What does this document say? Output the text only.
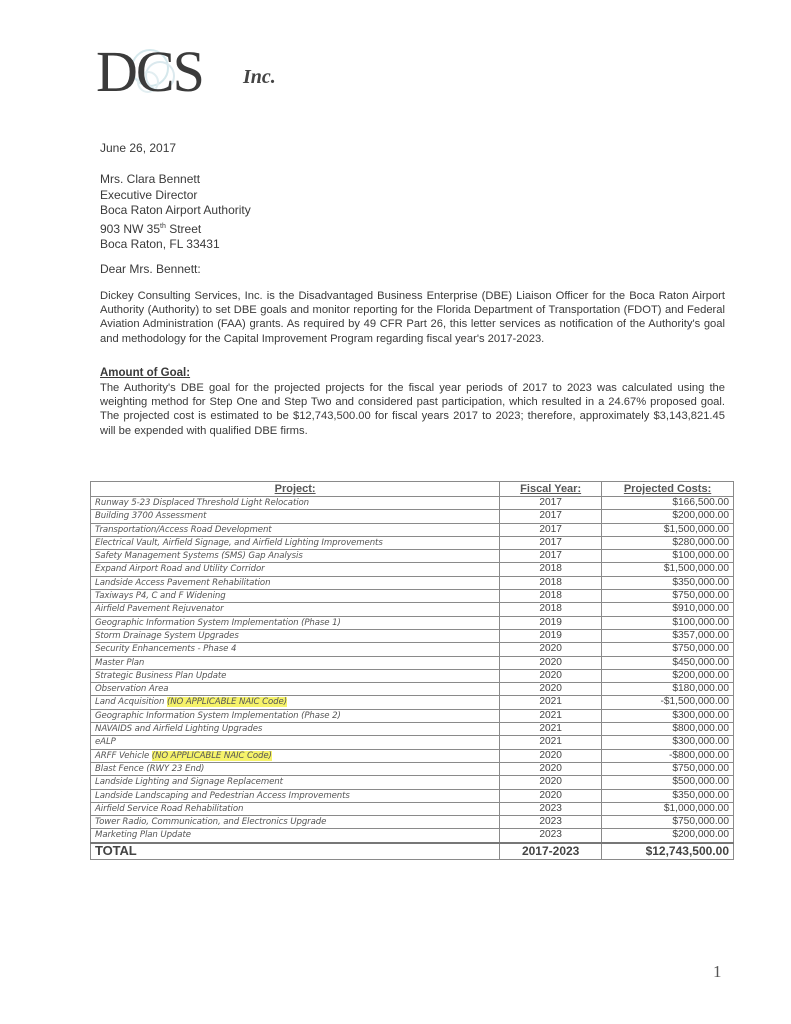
DCS Inc.
June 26, 2017
Mrs. Clara Bennett
Executive Director
Boca Raton Airport Authority
903 NW 35th Street
Boca Raton, FL 33431
Dear Mrs. Bennett:
Dickey Consulting Services, Inc. is the Disadvantaged Business Enterprise (DBE) Liaison Officer for the Boca Raton Airport Authority (Authority) to set DBE goals and monitor reporting for the Florida Department of Transportation (FDOT) and Federal Aviation Administration (FAA) grants. As required by 49 CFR Part 26, this letter services as notification of the Authority's goal and methodology for the Capital Improvement Program regarding fiscal year's 2017-2023.
Amount of Goal:
The Authority's DBE goal for the projected projects for the fiscal year periods of 2017 to 2023 was calculated using the weighting method for Step One and Step Two and considered past participation, which resulted in a 24.67% proposed goal. The projected cost is estimated to be $12,743,500.00 for fiscal years 2017 to 2023; therefore, approximately $3,143,821.45 will be expended with qualified DBE firms.
Project:	Fiscal Year:	Projected Costs:
Runway 5-23 Displaced Threshold Light Relocation	2017	$166,500.00
Building 3700 Assessment	2017	$200,000.00
Transportation/Access Road Development	2017	$1,500,000.00
Electrical Vault, Airfield Signage, and Airfield Lighting Improvements	2017	$280,000.00
Safety Management Systems (SMS) Gap Analysis	2017	$100,000.00
Expand Airport Road and Utility Corridor	2018	$1,500,000.00
Landside Access Pavement Rehabilitation	2018	$350,000.00
Taxiways P4, C and F Widening	2018	$750,000.00
Airfield Pavement Rejuvenator	2018	$910,000.00
Geographic Information System Implementation (Phase 1)	2019	$100,000.00
Storm Drainage System Upgrades	2019	$357,000.00
Security Enhancements - Phase 4	2020	$750,000.00
Master Plan	2020	$450,000.00
Strategic Business Plan Update	2020	$200,000.00
Observation Area	2020	$180,000.00
Land Acquisition (NO APPLICABLE NAIC Code)	2021	-$1,500,000.00
Geographic Information System Implementation (Phase 2)	2021	$300,000.00
NAVAIDS and Airfield Lighting Upgrades	2021	$800,000.00
eALP	2021	$300,000.00
ARFF Vehicle (NO APPLICABLE NAIC Code)	2020	-$800,000.00
Blast Fence (RWY 23 End)	2020	$750,000.00
Landside Lighting and Signage Replacement	2020	$500,000.00
Landside Landscaping and Pedestrian Access Improvements	2020	$350,000.00
Airfield Service Road Rehabilitation	2023	$1,000,000.00
Tower Radio, Communication, and Electronics Upgrade	2023	$750,000.00
Marketing Plan Update	2023	$200,000.00
TOTAL	2017-2023	$12,743,500.00
1
